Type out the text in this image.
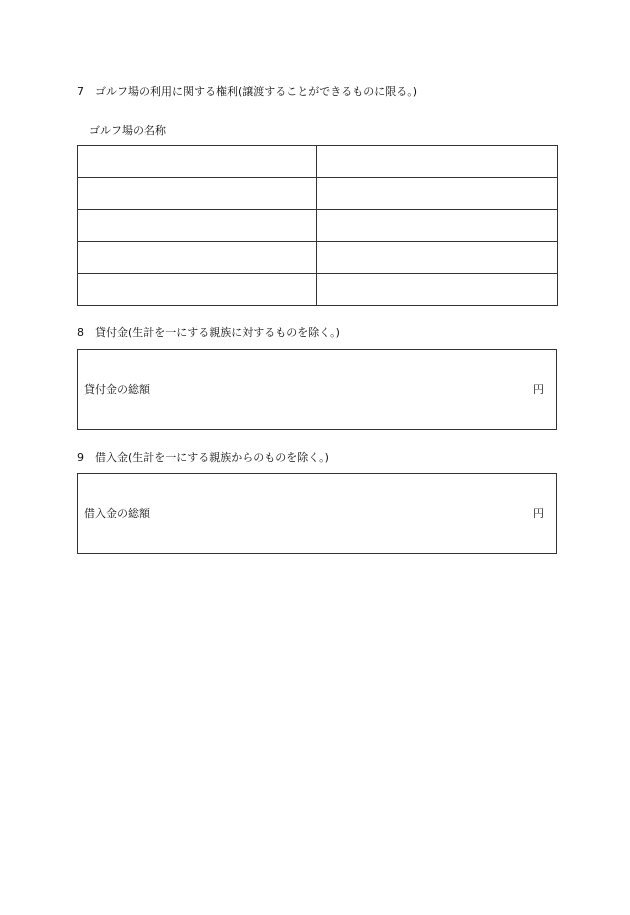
7 ゴルフ場の利用に関する権利(譲渡することができるものに限る。)
ゴルフ場の名称

8 貸付金(生計を一にする親族に対するものを除く。)
貸付金の総額	円
9 借入金(生計を一にする親族からのものを除く。)
借入金の総額	円
